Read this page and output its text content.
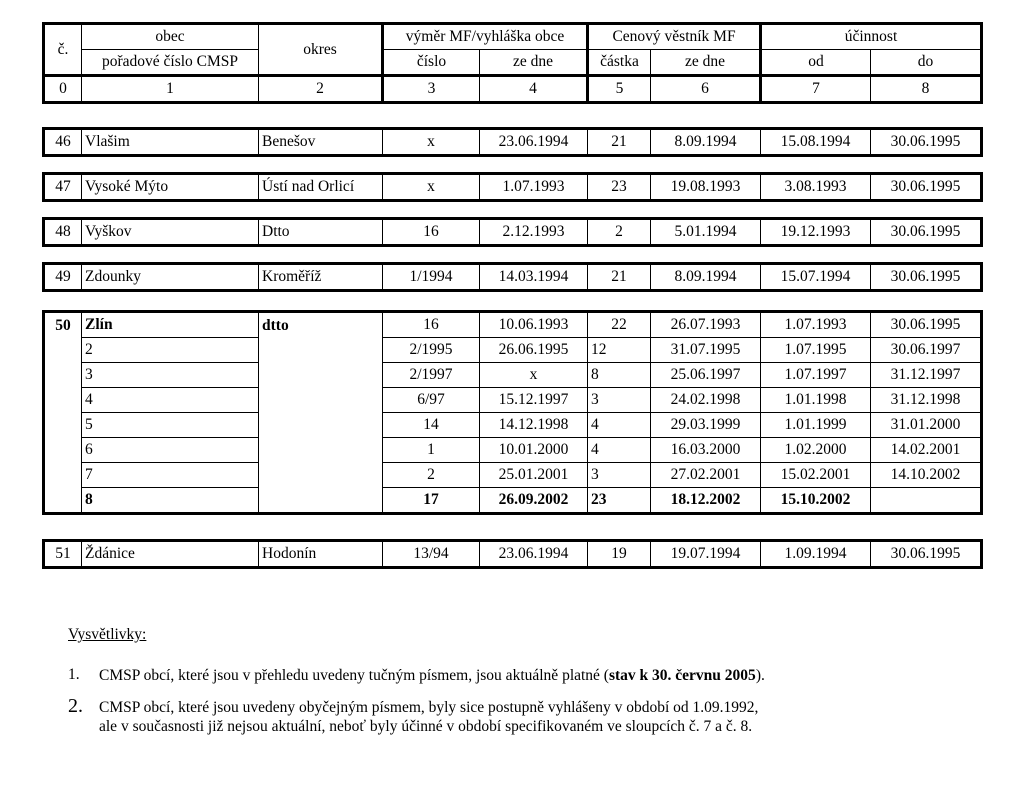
č.	obec	okres	výměr MF/vyhláška obce		Cenový věstník MF		účinnost	
	pořadové číslo CMSP		číslo	ze dne	částka	ze dne	od	do
0	1	2	3	4	5	6	7	8
46	Vlašim	Benešov	x	23.06.1994	21	8.09.1994	15.08.1994	30.06.1995
47	Vysoké Mýto	Ústí nad Orlicí	x	1.07.1993	23	19.08.1993	3.08.1993	30.06.1995
48	Vyškov	Dtto	16	2.12.1993	2	5.01.1994	19.12.1993	30.06.1995
49	Zdounky	Kroměříž	1/1994	14.03.1994	21	8.09.1994	15.07.1994	30.06.1995
50	Zlín	dtto	16	10.06.1993	22	26.07.1993	1.07.1993	30.06.1995
	2		2/1995	26.06.1995	12	31.07.1995	1.07.1995	30.06.1997
	3		2/1997	x	8	25.06.1997	1.07.1997	31.12.1997
	4		6/97	15.12.1997	3	24.02.1998	1.01.1998	31.12.1998
	5		14	14.12.1998	4	29.03.1999	1.01.1999	31.01.2000
	6		1	10.01.2000	4	16.03.2000	1.02.2000	14.02.2001
	7		2	25.01.2001	3	27.02.2001	15.02.2001	14.10.2002
	8		17	26.09.2002	23	18.12.2002	15.10.2002	
51	Ždánice	Hodonín	13/94	23.06.1994	19	19.07.1994	1.09.1994	30.06.1995
Vysvětlivky:
1. CMSP obcí, které jsou v přehledu uvedeny tučným písmem, jsou aktuálně platné (stav k 30. červnu 2005).
2. CMSP obcí, které jsou uvedeny obyčejným písmem, byly sice postupně vyhlášeny v období od 1.09.1992,
ale v současnosti již nejsou aktuální, neboť byly účinné v období specifikovaném ve sloupcích č. 7 a č. 8.
